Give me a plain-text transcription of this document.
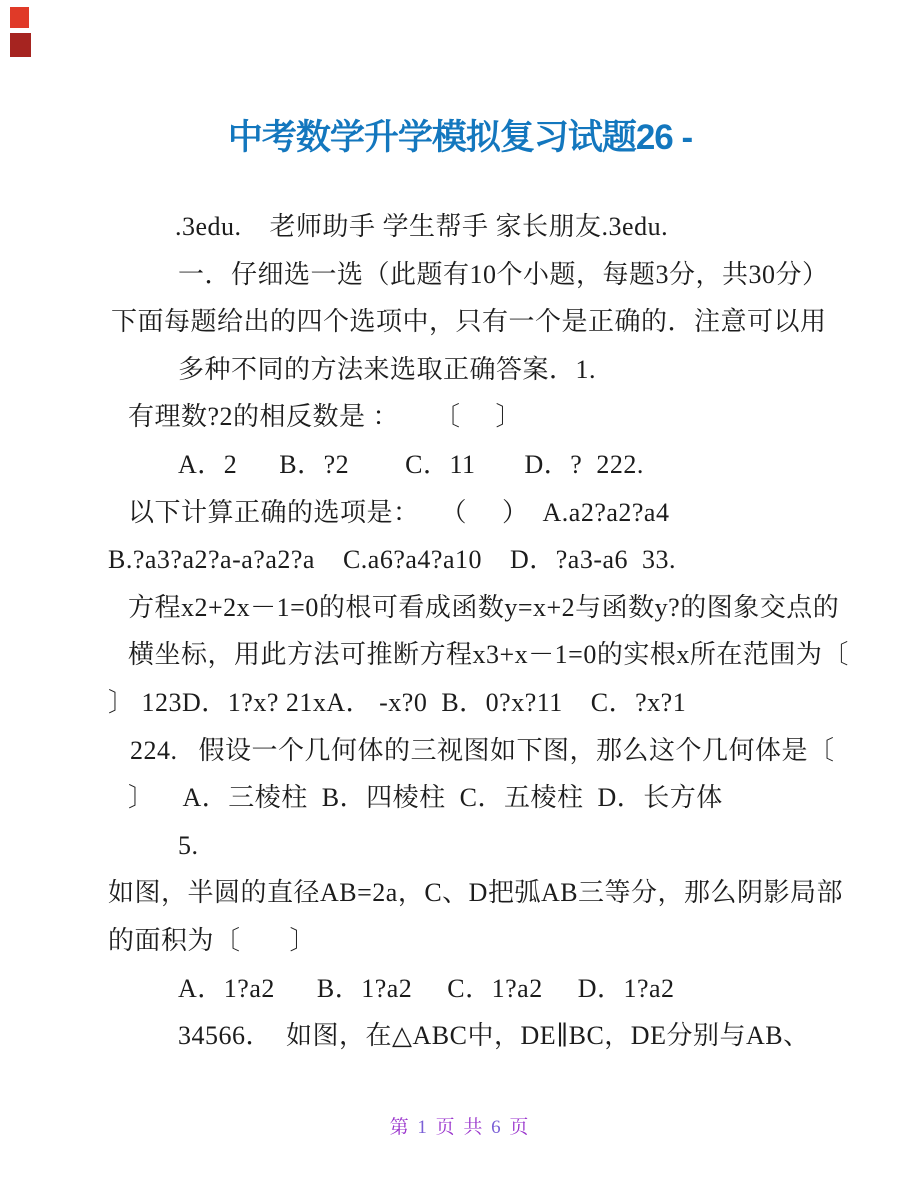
中考数学升学模拟复习试题26 -
.3edu.    老师助手 学生帮手 家长朋友.3edu.
一．仔细选一选（此题有10个小题，每题3分，共30分）
下面每题给出的四个选项中，只有一个是正确的．注意可以用
多种不同的方法来选取正确答案．1.
有理数?2的相反数是 ：     〔     〕
A．2      B．?2        C．11       D．?  222.
以下计算正确的选项是：   （     ）  A.a2?a2?a4
B.?a3?a2?a-a?a2?a    C.a6?a4?a10    D．?a3-a6  33.
方程x2+2x－1=0的根可看成函数y=x+2与函数y?的图象交点的
横坐标，用此方法可推断方程x3+x－1=0的实根x所在范围为〔
〕 123D．1?x? 21xA． -x?0  B．0?x?11    C．?x?1
224.   假设一个几何体的三视图如下图，那么这个几何体是〔
〕    A．三棱柱  B．四棱柱  C．五棱柱  D．长方体
5.
如图，半圆的直径AB=2a，C、D把弧AB三等分，那么阴影局部
的面积为〔       〕
A．1?a2      B．1?a2     C．1?a2     D．1?a2
34566．  如图，在△ABC中，DE∥BC，DE分别与AB、
第 1 页 共 6 页
